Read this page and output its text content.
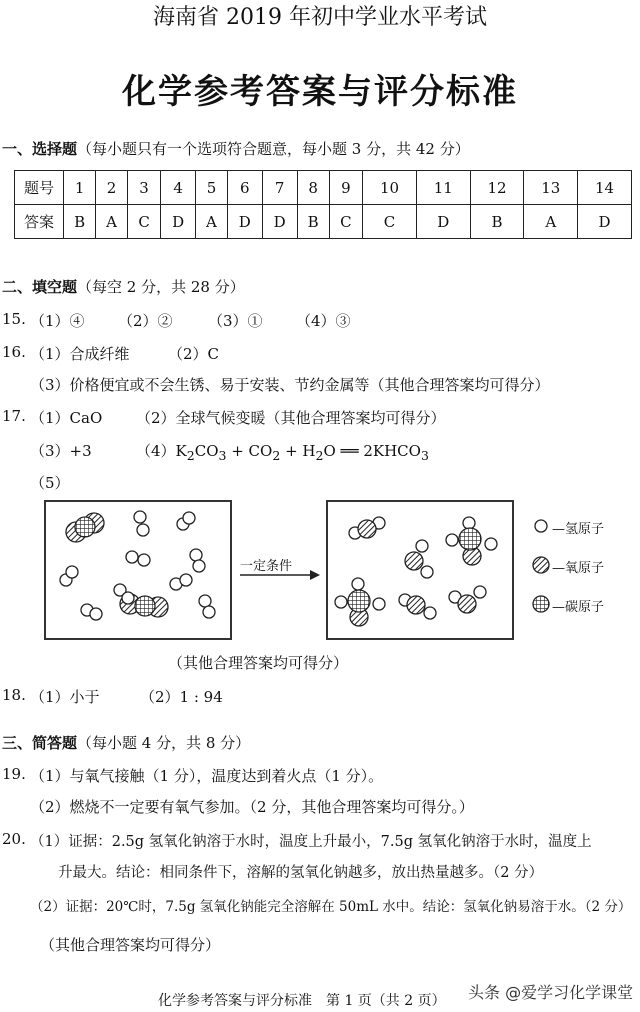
海南省 2019 年初中学业水平考试
化学参考答案与评分标准
一、选择题（每小题只有一个选项符合题意，每小题 3 分，共 42 分）
题号	1	2	3	4	5	6	7	8	9	10	11	12	13	14
答案	B	A	C	D	A	D	D	B	C	C	D	B	A	D
二、填空题（每空 2 分，共 28 分）
15. （1）④ （2）② （3）① （4）③
16. （1）合成纤维	（2）C
（3）价格便宜或不会生锈、易于安装、节约金属等（其他合理答案均可得分）
17. （1）CaO （2）全球气候变暖（其他合理答案均可得分）
（3）+3	$(4)K_2CO_3 + CO_2 + H_2O$ ══ $2KHCO_3$
（5）
一定条件
—氢原子
—氧原子
—碳原子
（其他合理答案均可得分）
18. （1）小于	（2）1 : 94
三、简答题（每小题 4 分，共 8 分）
19. （1）与氧气接触（1 分），温度达到着火点（1 分）。
（2）燃烧不一定要有氧气参加。（2 分，其他合理答案均可得分。）
20. （1）证据：2.5g 氢氧化钠溶于水时，温度上升最小，7.5g 氢氧化钠溶于水时，温度上
升最大。结论：相同条件下，溶解的氢氧化钠越多，放出热量越多。（2 分）
（2）证据：20℃时，7.5g 氢氧化钠能完全溶解在 50mL 水中。结论：氢氧化钠易溶于水。（2 分）
（其他合理答案均可得分）
化学参考答案与评分标准　第 1 页（共 2 页） 头条 @爱学习化学课堂
